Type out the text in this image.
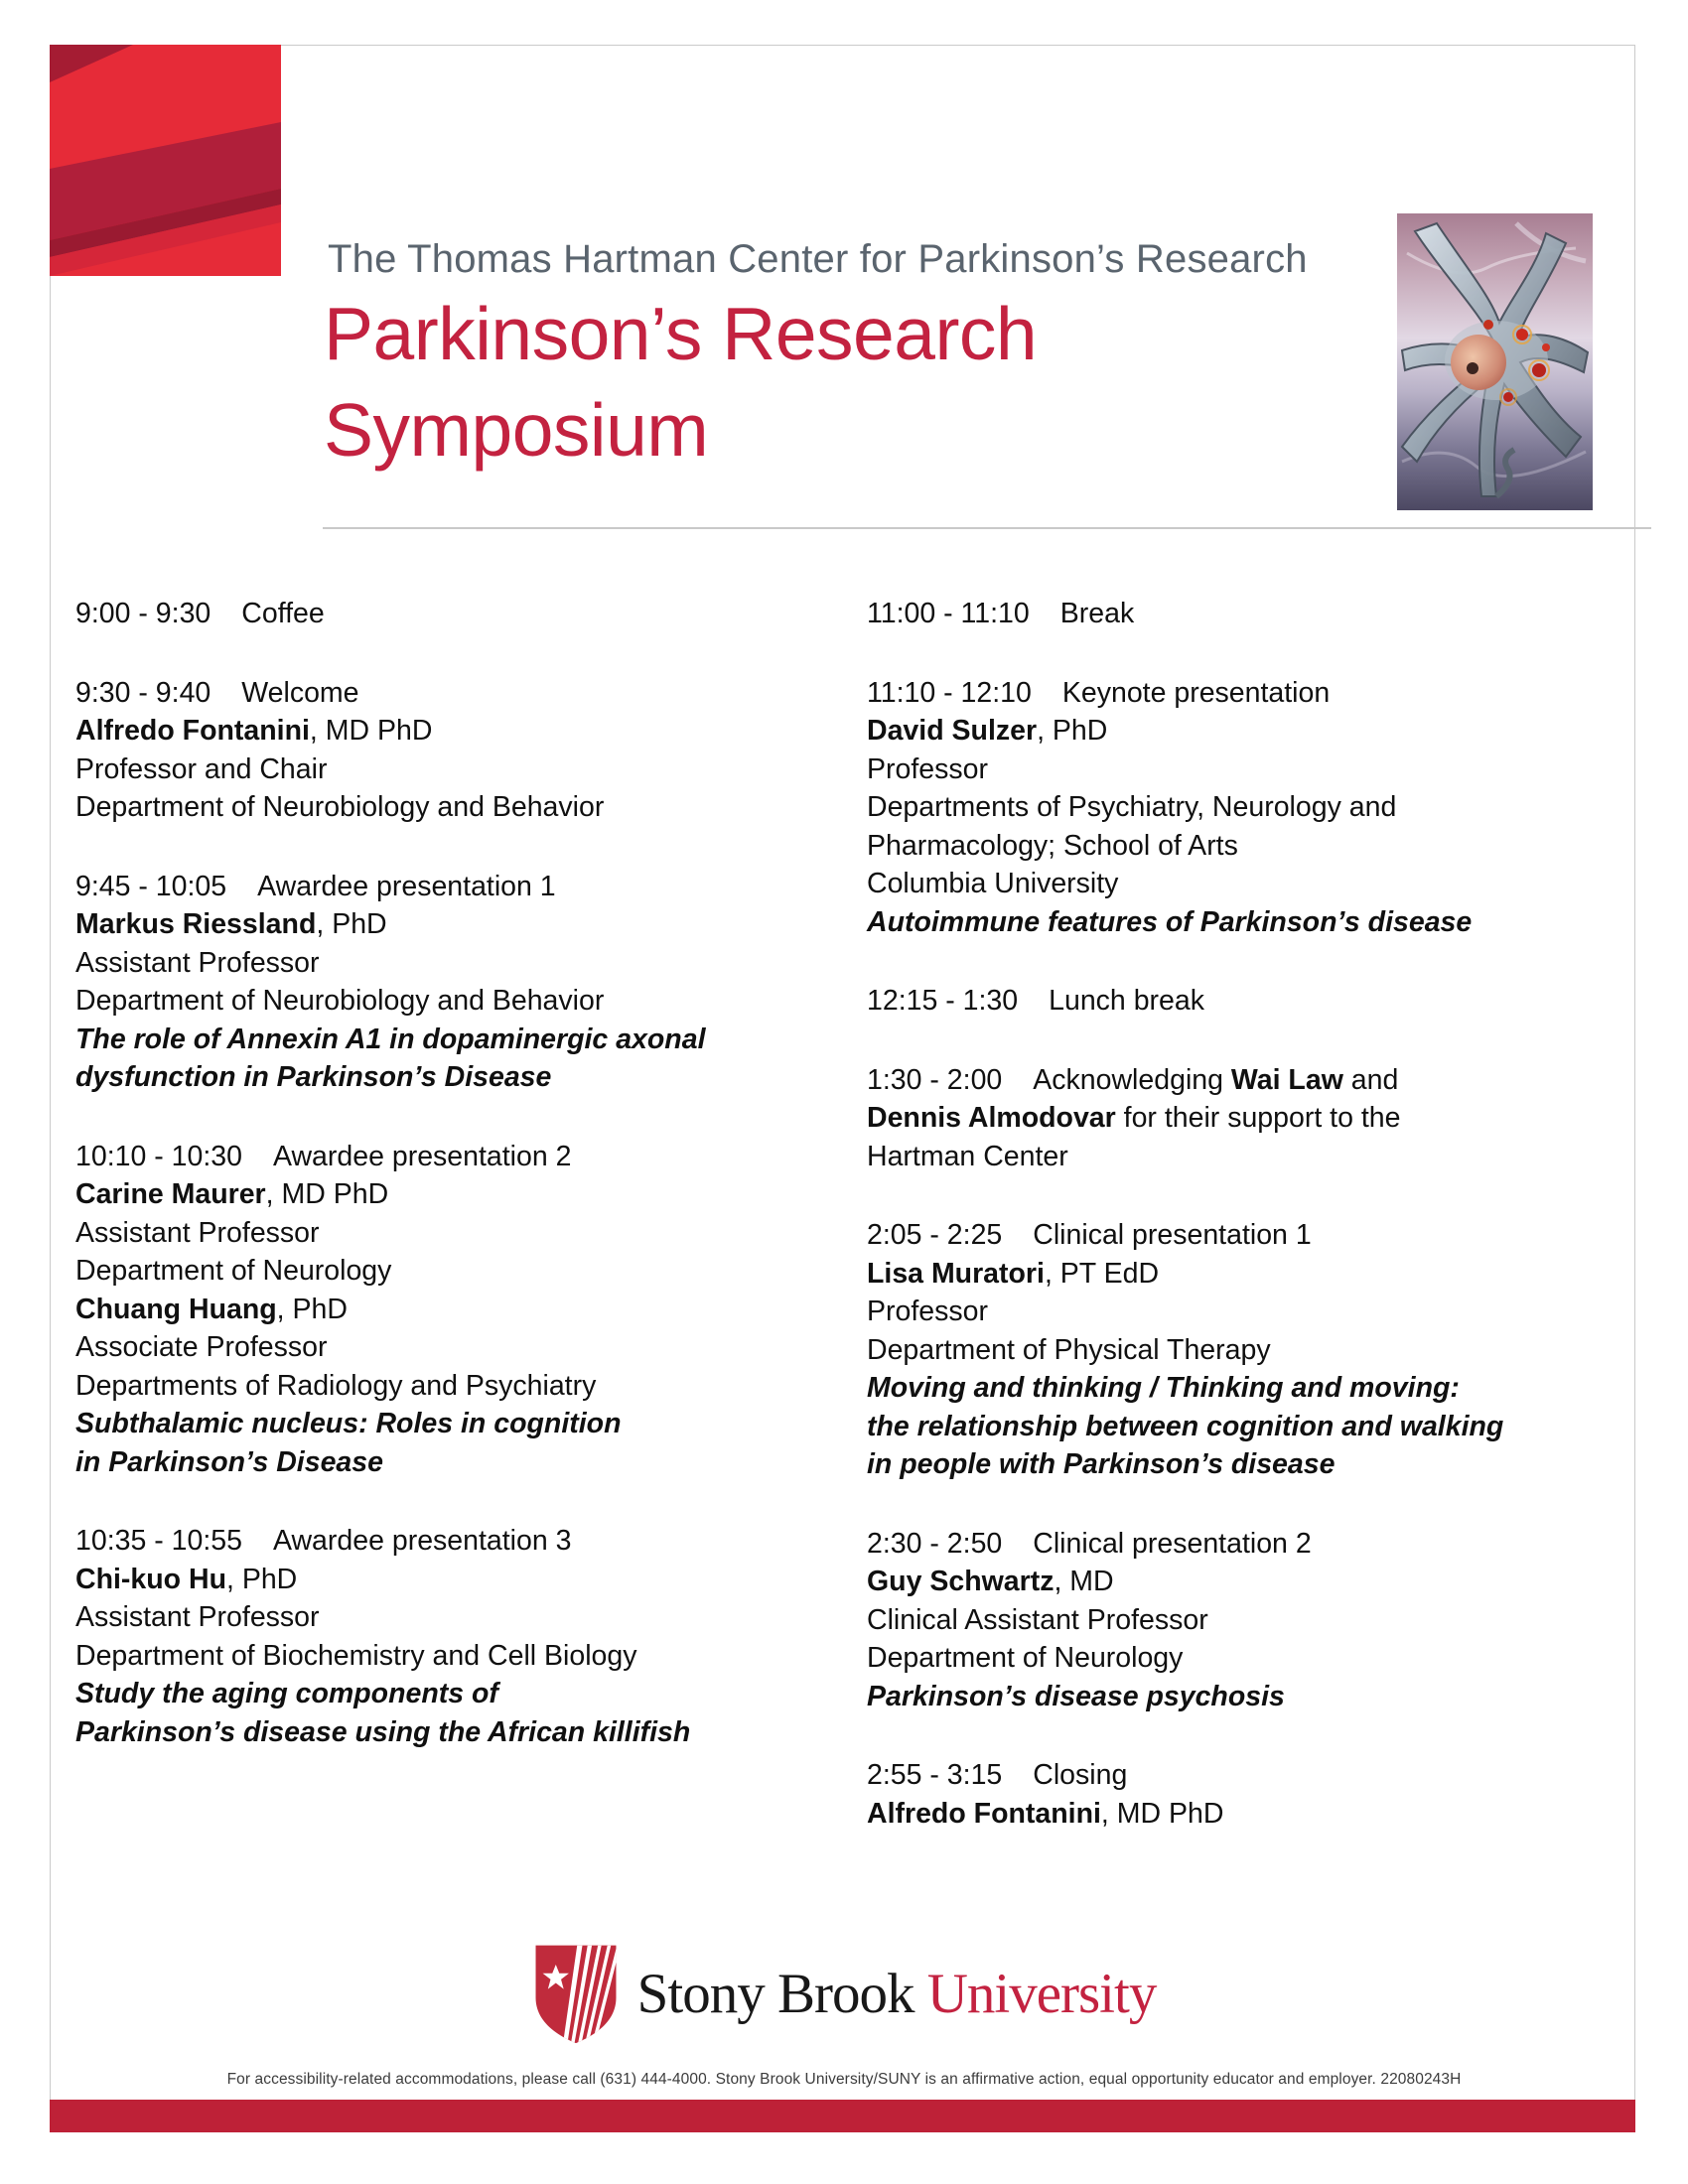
The Thomas Hartman Center for Parkinson’s Research
Parkinson’s Research
Symposium
9:00 - 9:30 Coffee
9:30 - 9:40 Welcome
Alfredo Fontanini, MD PhD
Professor and Chair
Department of Neurobiology and Behavior
9:45 - 10:05 Awardee presentation 1
Markus Riessland, PhD
Assistant Professor
Department of Neurobiology and Behavior
The role of Annexin A1 in dopaminergic axonal
dysfunction in Parkinson’s Disease
10:10 - 10:30 Awardee presentation 2
Carine Maurer, MD PhD
Assistant Professor
Department of Neurology
Chuang Huang, PhD
Associate Professor
Departments of Radiology and Psychiatry
Subthalamic nucleus: Roles in cognition
in Parkinson’s Disease
10:35 - 10:55 Awardee presentation 3
Chi-kuo Hu, PhD
Assistant Professor
Department of Biochemistry and Cell Biology
Study the aging components of
Parkinson’s disease using the African killifish
11:00 - 11:10 Break
11:10 - 12:10 Keynote presentation
David Sulzer, PhD
Professor
Departments of Psychiatry, Neurology and
Pharmacology; School of Arts
Columbia University
Autoimmune features of Parkinson’s disease
12:15 - 1:30 Lunch break
1:30 - 2:00 Acknowledging Wai Law and
Dennis Almodovar for their support to the
Hartman Center
2:05 - 2:25 Clinical presentation 1
Lisa Muratori, PT EdD
Professor
Department of Physical Therapy
Moving and thinking / Thinking and moving:
the relationship between cognition and walking
in people with Parkinson’s disease
2:30 - 2:50 Clinical presentation 2
Guy Schwartz, MD
Clinical Assistant Professor
Department of Neurology
Parkinson’s disease psychosis
2:55 - 3:15 Closing
Alfredo Fontanini, MD PhD
Stony Brook University
For accessibility-related accommodations, please call (631) 444-4000. Stony Brook University/SUNY is an affirmative action, equal opportunity educator and employer. 22080243H
